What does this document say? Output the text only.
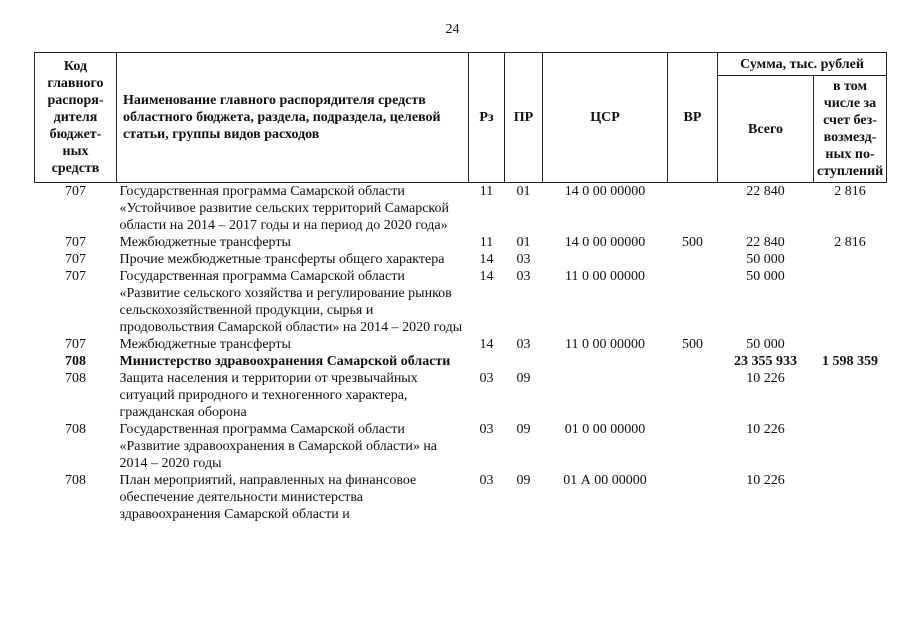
24
Код главного распоря-дителя бюджет-ных средств	Наименование главного распорядителя средств областного бюджета, раздела, подраздела, целевой статьи, группы видов расходов	Рз	ПР	ЦСР	ВР	Сумма, тыс. рублей	
						Всего	в том числе за счет без-возмезд-ных по-ступлений
707	Государственная программа Самарской области «Устойчивое развитие сельских территорий Самарской области на 2014 – 2017 годы и на период до 2020 года»	11	01	14 0 00 00000		22 840	2 816
707	Межбюджетные трансферты	11	01	14 0 00 00000	500	22 840	2 816
707	Прочие межбюджетные трансферты общего характера	14	03			50 000	
707	Государственная программа Самарской области «Развитие сельского хозяйства и регулирование рынков сельскохозяйственной продукции, сырья и продовольствия Самарской области» на 2014 – 2020 годы	14	03	11 0 00 00000		50 000	
707	Межбюджетные трансферты	14	03	11 0 00 00000	500	50 000	
708	Министерство здравоохранения Самарской области					23 355 933	1 598 359
708	Защита населения и территории от чрезвычайных ситуаций природного и техногенного характера, гражданская оборона	03	09			10 226	
708	Государственная программа Самарской области «Развитие здравоохранения в Самарской области» на 2014 – 2020 годы	03	09	01 0 00 00000		10 226	
708	План мероприятий, направленных на финансовое обеспечение деятельности министерства здравоохранения Самарской области и	03	09	01 А 00 00000		10 226	
